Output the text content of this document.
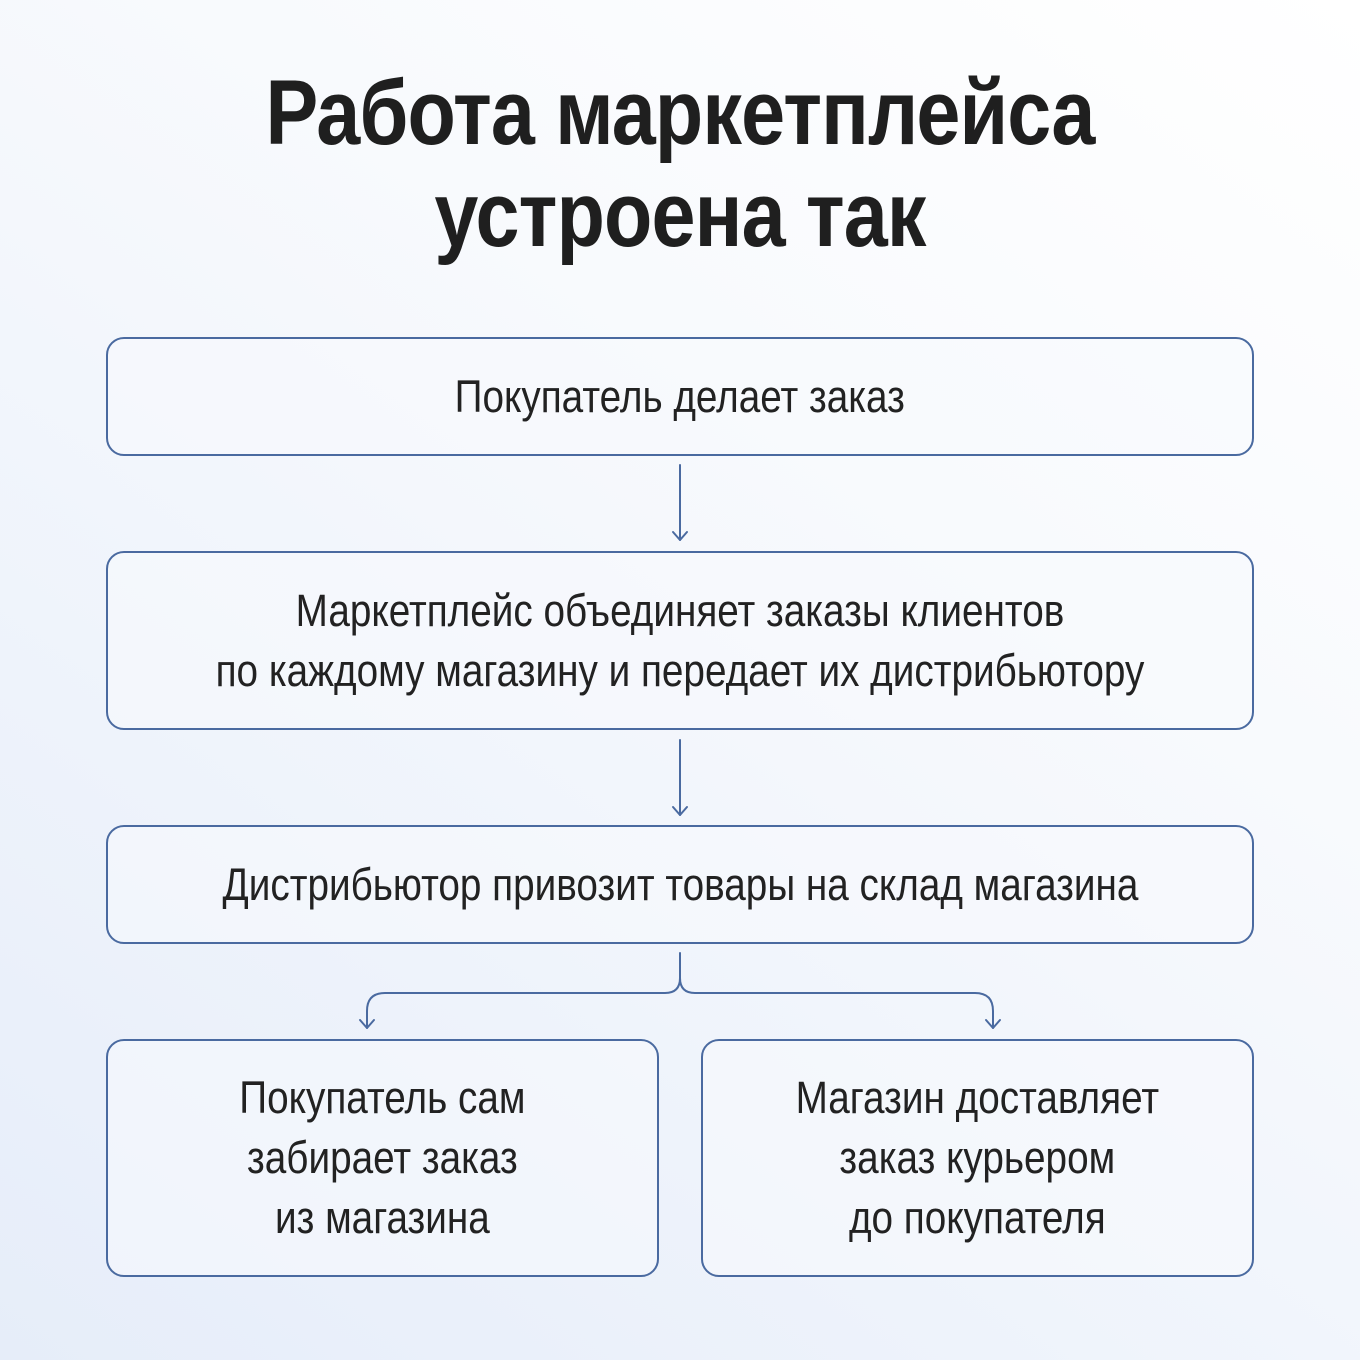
Работа маркетплейса
устроена так
Покупатель делает заказ
Маркетплейс объединяет заказы клиентов
по каждому магазину и передает их дистрибьютору
Дистрибьютор привозит товары на склад магазина
Покупатель сам
забирает заказ
из магазина
Магазин доставляет
заказ курьером
до покупателя
